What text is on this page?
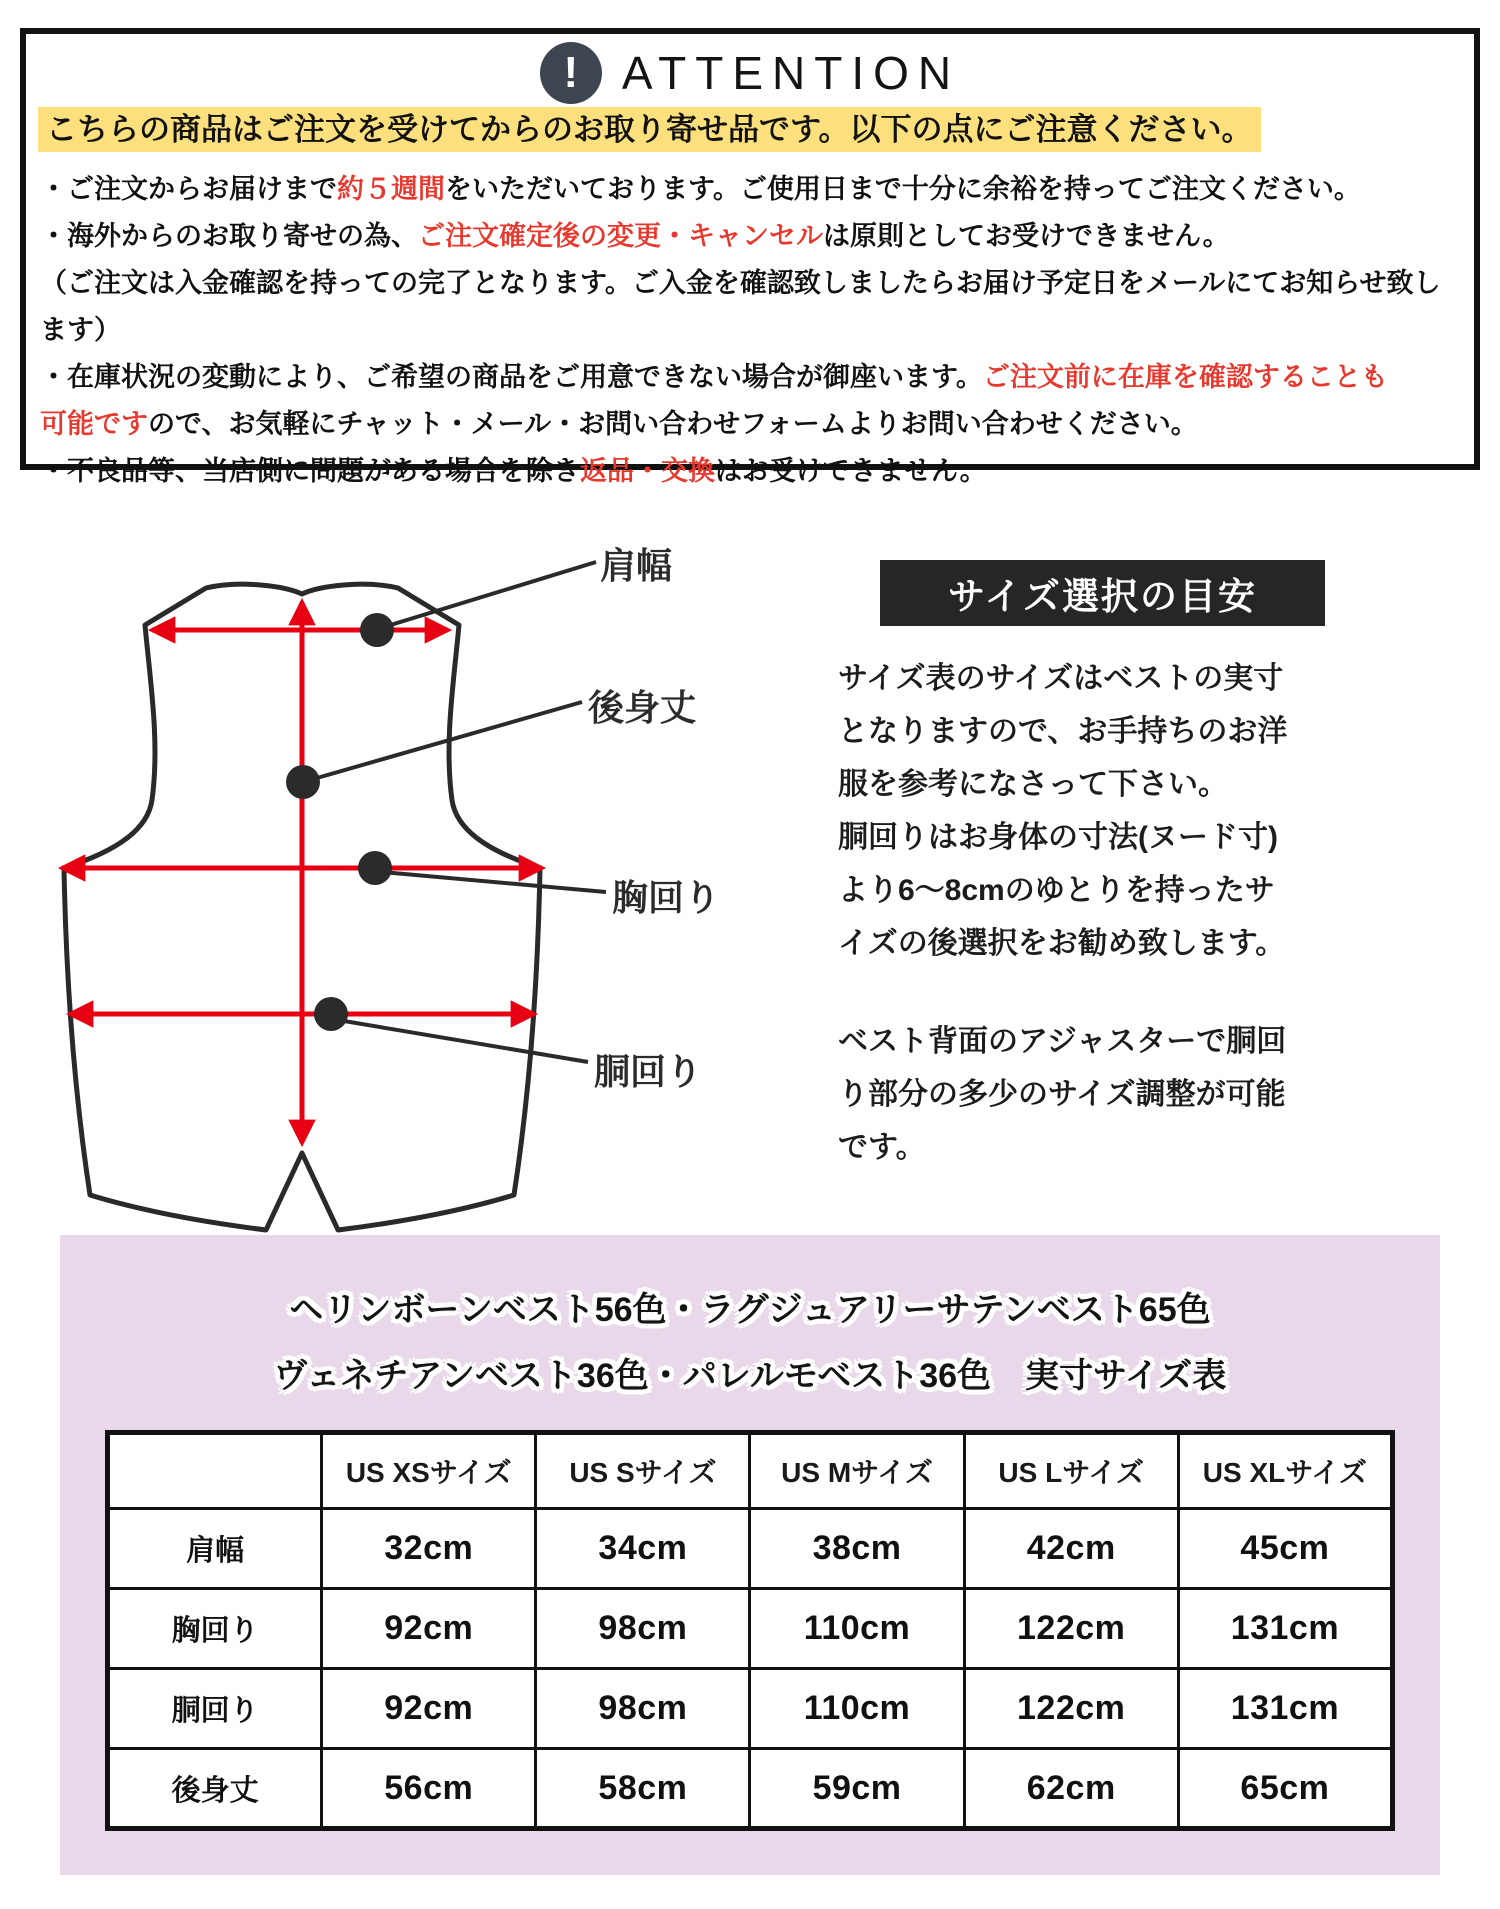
! ATTENTION
こちらの商品はご注文を受けてからのお取り寄せ品です。以下の点にご注意ください。
・ご注文からお届けまで約５週間をいただいております。ご使用日まで十分に余裕を持ってご注文ください。
・海外からのお取り寄せの為、ご注文確定後の変更・キャンセルは原則としてお受けできません。
（ご注文は入金確認を持っての完了となります。ご入金を確認致しましたらお届け予定日をメールにてお知らせ致します）
・在庫状況の変動により、ご希望の商品をご用意できない場合が御座います。ご注文前に在庫を確認することも
可能ですので、お気軽にチャット・メール・お問い合わせフォームよりお問い合わせください。
・不良品等、当店側に問題がある場合を除き返品・交換はお受けできません。
肩幅
後身丈
胸回り
胴回り
サイズ選択の目安
サイズ表のサイズはベストの実寸
となりますので、お手持ちのお洋
服を参考になさって下さい。
胴回りはお身体の寸法(ヌード寸)
より6～8cmのゆとりを持ったサ
イズの後選択をお勧め致します。
ベスト背面のアジャスターで胴回
り部分の多少のサイズ調整が可能
です。
ヘリンボーンベスト56色・ラグジュアリーサテンベスト65色
ヴェネチアンベスト36色・パレルモベスト36色　実寸サイズ表
	US XSサイズ	US Sサイズ	US Mサイズ	US Lサイズ	US XLサイズ
肩幅	32cm	34cm	38cm	42cm	45cm
胸回り	92cm	98cm	110cm	122cm	131cm
胴回り	92cm	98cm	110cm	122cm	131cm
後身丈	56cm	58cm	59cm	62cm	65cm
